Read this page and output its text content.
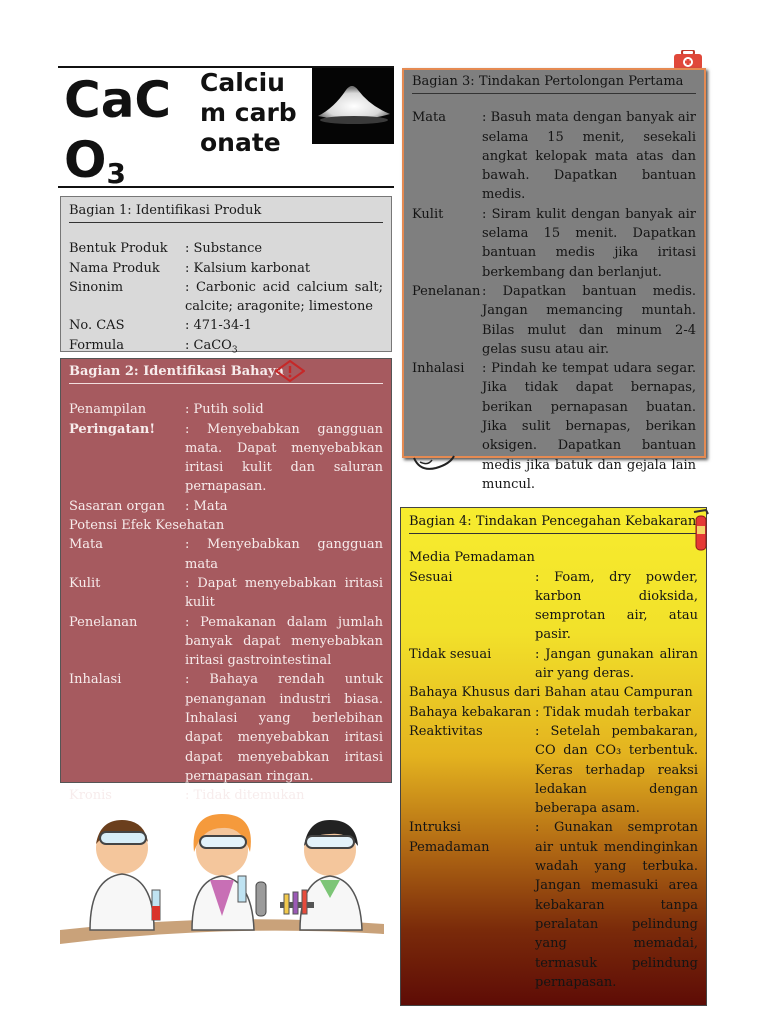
CaCO$_3$
Calcium carbonate
Bagian 1: Identifikasi Produk
Bentuk Produk	: Substance
Nama Produk	: Kalsium karbonat
Sinonim	: Carbonic acid calcium salt; calcite; aragonite; limestone
No. CAS	: 471-34-1
Formula	: CaCO$_3$
Bagian 2: Identifikasi Bahaya
Penampilan	: Putih solid
Peringatan!	: Menyebabkan gangguan mata. Dapat menyebabkan iritasi kulit dan saluran pernapasan.
Sasaran organ	: Mata
Potensi Efek Kesehatan
Mata	: Menyebabkan gangguan mata
Kulit	: Dapat menyebabkan iritasi kulit
Penelanan	: Pemakanan dalam jumlah banyak dapat menyebabkan iritasi gastrointestinal
Inhalasi	: Bahaya rendah untuk penanganan industri biasa. Inhalasi yang berlebihan dapat menyebabkan iritasi dapat menyebabkan iritasi pernapasan ringan.
Kronis	: Tidak ditemukan
Bagian 3: Tindakan Pertolongan Pertama
Mata	: Basuh mata dengan banyak air selama 15 menit, sesekali angkat kelopak mata atas dan bawah. Dapatkan bantuan medis.
Kulit	: Siram kulit dengan banyak air selama 15 menit. Dapatkan bantuan medis jika iritasi berkembang dan berlanjut.
Penelanan : Dapatkan bantuan medis. Jangan memancing muntah. Bilas mulut dan minum 2-4 gelas susu atau air.
Inhalasi	: Pindah ke tempat udara segar. Jika tidak dapat bernapas, berikan pernapasan buatan. Jika sulit bernapas, berikan oksigen. Dapatkan bantuan medis jika batuk dan gejala lain muncul.
Bagian 4: Tindakan Pencegahan Kebakaran
Media Pemadaman
Sesuai	: Foam, dry powder, karbon dioksida, semprotan air, atau pasir.
Tidak sesuai	: Jangan gunakan aliran air yang deras.
Bahaya Khusus dari Bahan atau Campuran
Bahaya kebakaran : Tidak mudah terbakar
Reaktivitas	: Setelah pembakaran, CO dan CO₃ terbentuk. Keras terhadap reaksi ledakan dengan beberapa asam.
Intruksi Pemadaman
: Gunakan semprotan air untuk mendinginkan wadah yang terbuka. Jangan memasuki area kebakaran tanpa peralatan pelindung yang memadai, termasuk pelindung pernapasan.
